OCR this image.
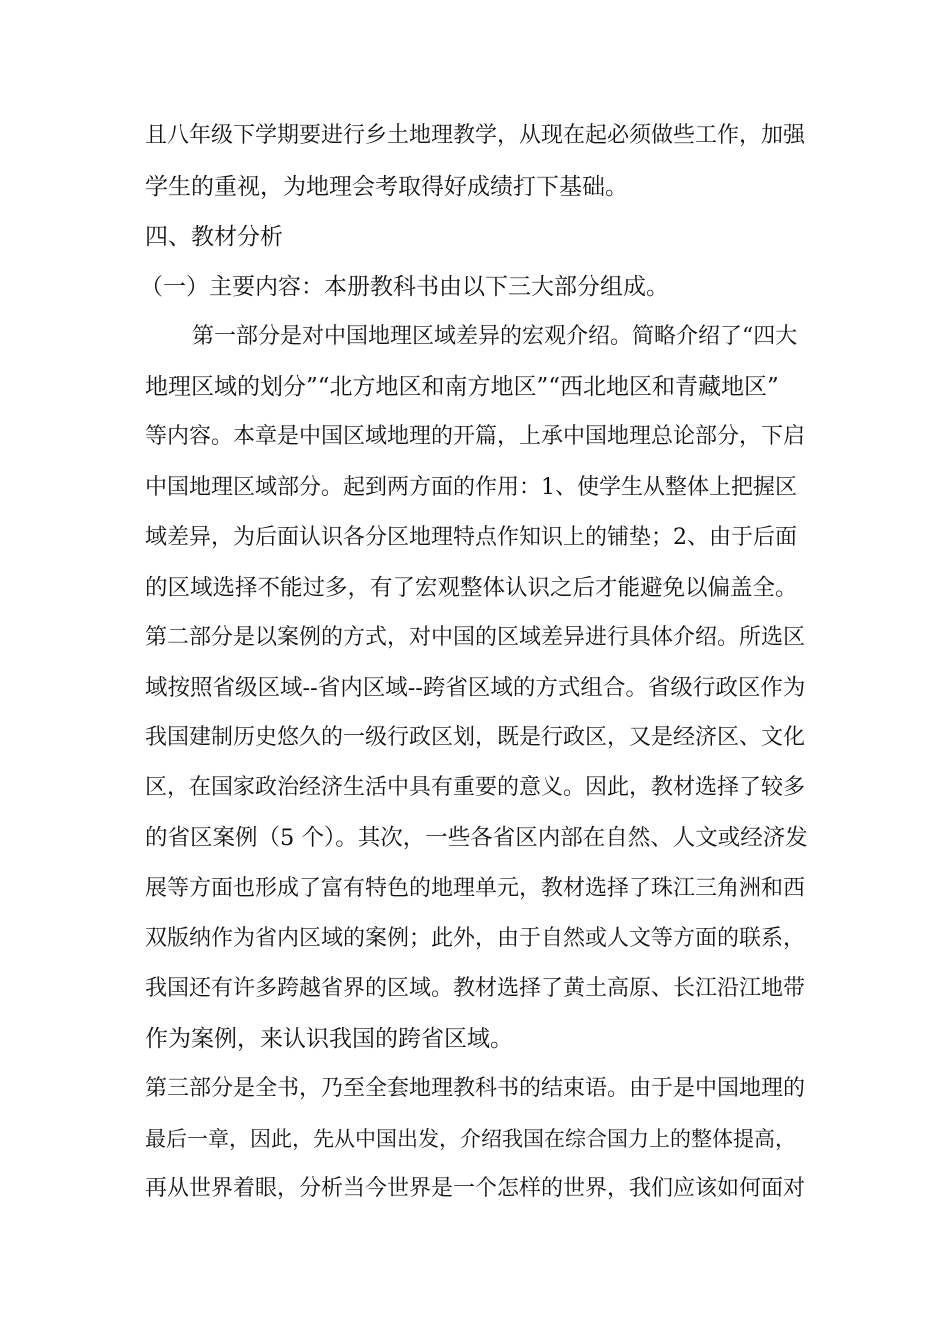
且八年级下学期要进行乡土地理教学，从现在起必须做些工作，加强

学生的重视，为地理会考取得好成绩打下基础。

四、教材分析

（一）主要内容：本册教科书由以下三大部分组成。

第一部分是对中国地理区域差异的宏观介绍。简略介绍了“四大

地理区域的划分”“北方地区和南方地区”“西北地区和青藏地区”

等内容。本章是中国区域地理的开篇，上承中国地理总论部分，下启

中国地理区域部分。起到两方面的作用：1、使学生从整体上把握区

域差异，为后面认识各分区地理特点作知识上的铺垫；2、由于后面

的区域选择不能过多，有了宏观整体认识之后才能避免以偏盖全。

第二部分是以案例的方式，对中国的区域差异进行具体介绍。所选区

域按照省级区域--省内区域--跨省区域的方式组合。省级行政区作为

我国建制历史悠久的一级行政区划，既是行政区，又是经济区、文化

区，在国家政治经济生活中具有重要的意义。因此，教材选择了较多

的省区案例（5 个）。其次，一些各省区内部在自然、人文或经济发

展等方面也形成了富有特色的地理单元，教材选择了珠江三角洲和西

双版纳作为省内区域的案例；此外，由于自然或人文等方面的联系，

我国还有许多跨越省界的区域。教材选择了黄土高原、长江沿江地带

作为案例，来认识我国的跨省区域。

第三部分是全书，乃至全套地理教科书的结束语。由于是中国地理的

最后一章，因此，先从中国出发，介绍我国在综合国力上的整体提高，

再从世界着眼，分析当今世界是一个怎样的世界，我们应该如何面对
